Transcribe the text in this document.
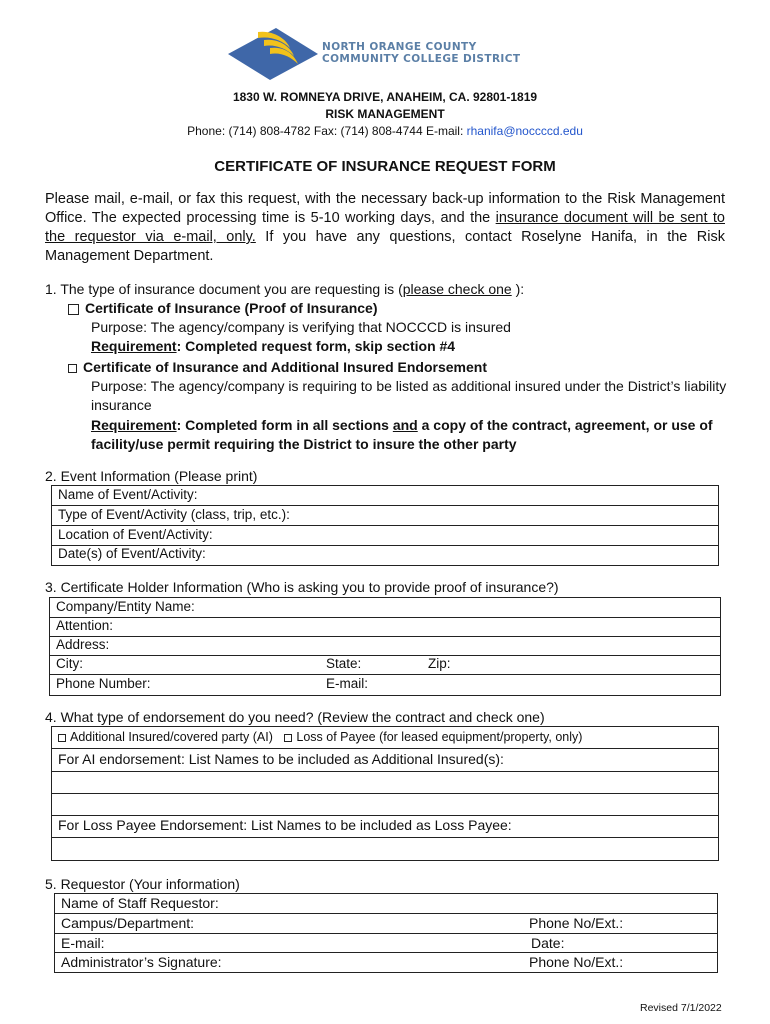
NORTH ORANGE COUNTY
COMMUNITY COLLEGE DISTRICT
1830 W. ROMNEYA DRIVE, ANAHEIM, CA. 92801-1819
RISK MANAGEMENT
Phone: (714) 808-4782 Fax: (714) 808-4744 E-mail: rhanifa@noccccd.edu
CERTIFICATE OF INSURANCE REQUEST FORM
Please mail, e-mail, or fax this request, with the necessary back-up information to the Risk Management Office. The expected processing time is 5-10 working days, and the insurance document will be sent to the requestor via e-mail, only. If you have any questions, contact Roselyne Hanifa, in the Risk Management Department.
1. The type of insurance document you are requesting is (please check one ):
Certificate of Insurance (Proof of Insurance)
Purpose: The agency/company is verifying that NOCCCD is insured
Requirement: Completed request form, skip section #4
Certificate of Insurance and Additional Insured Endorsement
Purpose: The agency/company is requiring to be listed as additional insured under the District’s liability insurance
Requirement: Completed form in all sections and a copy of the contract, agreement, or use of facility/use permit requiring the District to insure the other party
2. Event Information (Please print)
Name of Event/Activity:
Type of Event/Activity (class, trip, etc.):
Location of Event/Activity:
Date(s) of Event/Activity:
3. Certificate Holder Information (Who is asking you to provide proof of insurance?)
Company/Entity Name:
Attention:
Address:
City:	State:	Zip:
Phone Number:	E-mail:
4. What type of endorsement do you need? (Review the contract and check one)
Additional Insured/covered party (AI) Loss of Payee (for leased equipment/property, only)
For AI endorsement: List Names to be included as Additional Insured(s):
For Loss Payee Endorsement: List Names to be included as Loss Payee:
5. Requestor (Your information)
Name of Staff Requestor:
Campus/Department:	Phone No/Ext.:
E-mail:	Date:
Administrator’s Signature:	Phone No/Ext.:
Revised 7/1/2022
